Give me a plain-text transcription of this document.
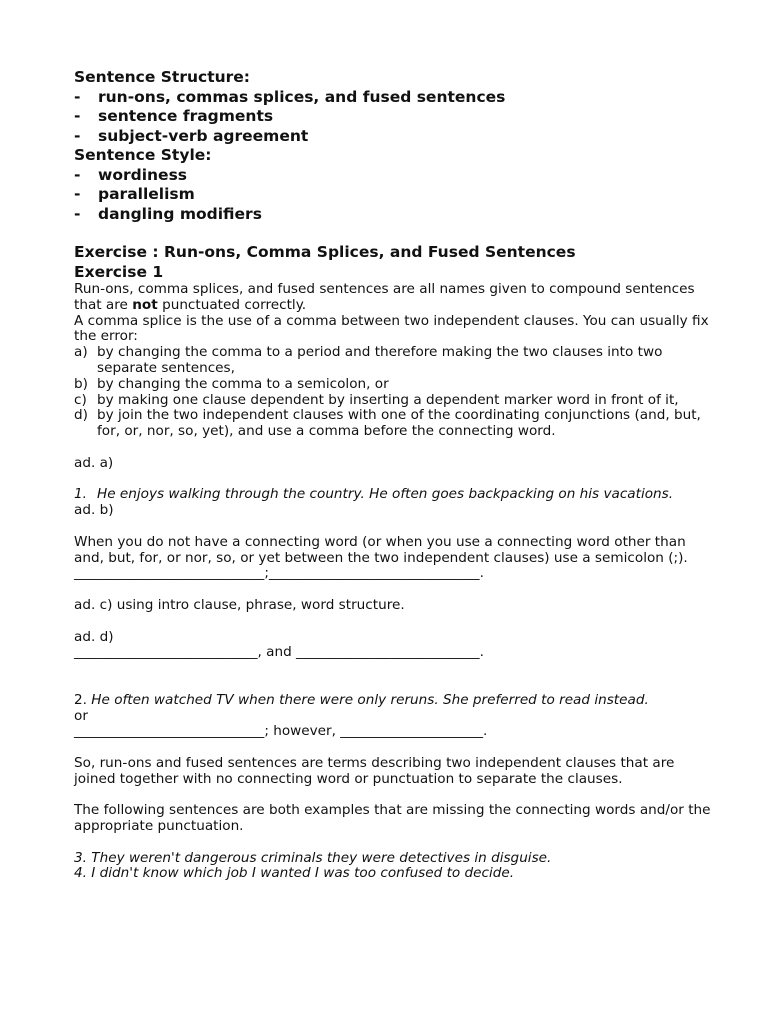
Sentence Structure:
- run-ons, commas splices, and fused sentences
- sentence fragments
- subject-verb agreement
Sentence Style:
- wordiness
- parallelism
- dangling modifiers
Exercise : Run-ons, Comma Splices, and Fused Sentences
Exercise 1
Run-ons, comma splices, and fused sentences are all names given to compound sentences that are not punctuated correctly.
A comma splice is the use of a comma between two independent clauses. You can usually fix the error:
a) by changing the comma to a period and therefore making the two clauses into two separate sentences,
b) by changing the comma to a semicolon, or
c) by making one clause dependent by inserting a dependent marker word in front of it,
d) by join the two independent clauses with one of the coordinating conjunctions (and, but, for, or, nor, so, yet), and use a comma before the connecting word.
ad. a)
1. He enjoys walking through the country. He often goes backpacking on his vacations.
ad. b)
When you do not have a connecting word (or when you use a connecting word other than and, but, for, or nor, so, or yet between the two independent clauses) use a semicolon (;).
____________________________;_______________________________.
ad. c) using intro clause, phrase, word structure.
ad. d)
___________________________, and ___________________________.
2. He often watched TV when there were only reruns. She preferred to read instead.
or
____________________________; however, _____________________.
So, run-ons and fused sentences are terms describing two independent clauses that are joined together with no connecting word or punctuation to separate the clauses.
The following sentences are both examples that are missing the connecting words and/or the appropriate punctuation.
3. They weren't dangerous criminals they were detectives in disguise.
4. I didn't know which job I wanted I was too confused to decide.
